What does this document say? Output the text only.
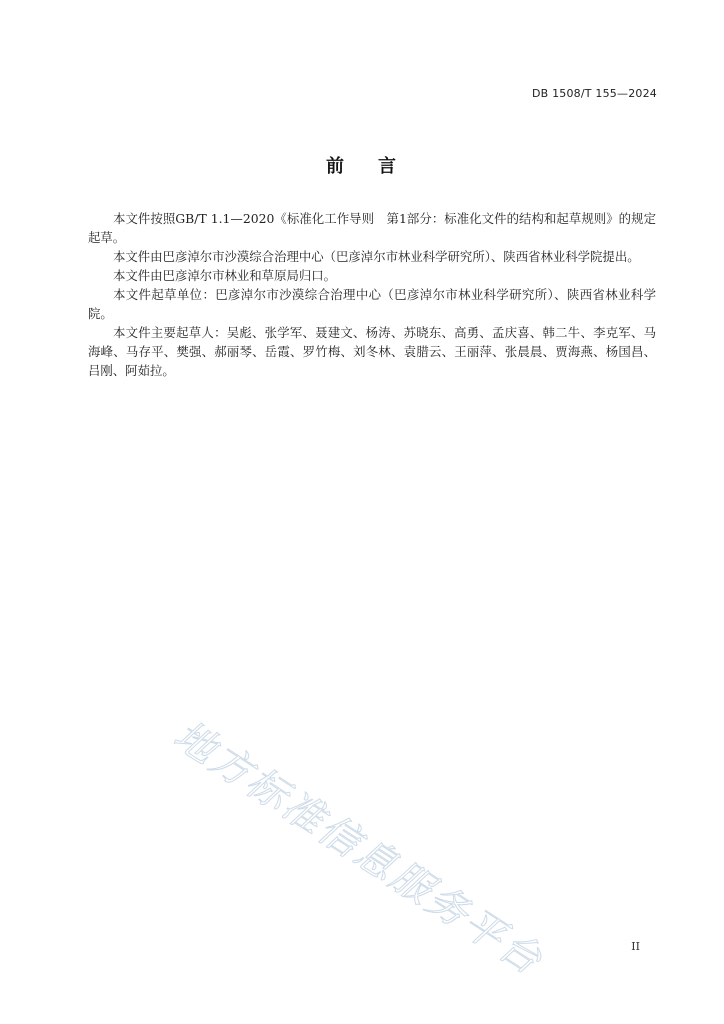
DB 1508/T 155—2024
前 言

本文件按照GB/T 1.1—2020《标准化工作导则　第1部分：标准化文件的结构和起草规则》的规定起草。

本文件由巴彦淖尔市沙漠综合治理中心（巴彦淖尔市林业科学研究所）、陕西省林业科学院提出。

本文件由巴彦淖尔市林业和草原局归口。

本文件起草单位：巴彦淖尔市沙漠综合治理中心（巴彦淖尔市林业科学研究所）、陕西省林业科学院。

本文件主要起草人：吴彪、张学军、聂建文、杨涛、苏晓东、高勇、孟庆喜、韩二牛、李克军、马海峰、马存平、樊强、郝丽琴、岳霞、罗竹梅、刘冬林、袁腊云、王丽萍、张晨晨、贾海燕、杨国昌、吕刚、阿茹拉。

地方标准信息服务平台	II
